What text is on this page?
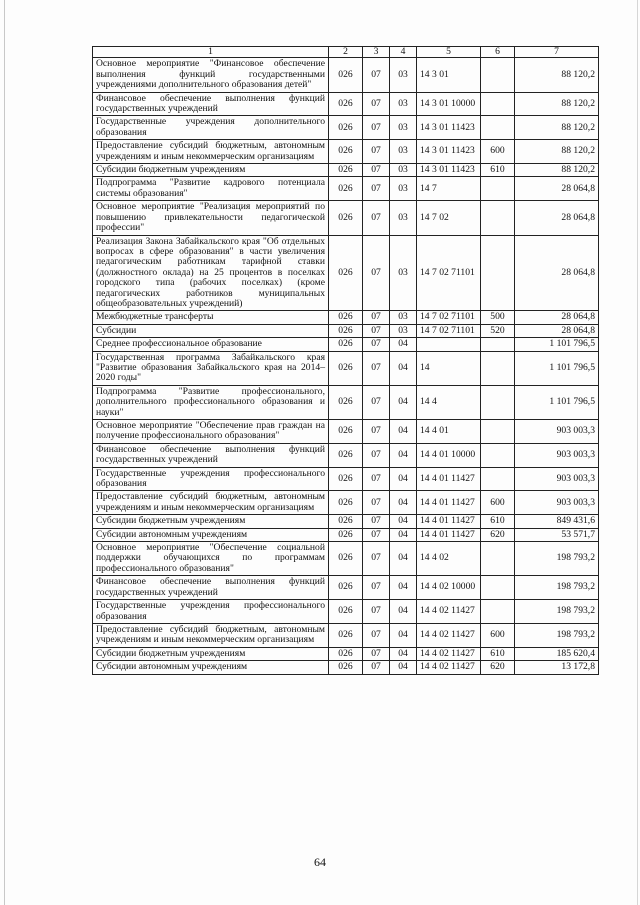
1	2	3	4	5	6	7
Основное мероприятие "Финансовое обеспечение выполнения функций государственными учреждениями дополнительного образования детей"	026	07	03	14 3 01		88 120,2
Финансовое обеспечение выполнения функций государственных учреждений	026	07	03	14 3 01 10000		88 120,2
Государственные учреждения дополнительного образования	026	07	03	14 3 01 11423		88 120,2
Предоставление субсидий бюджетным, автономным учреждениям и иным некоммерческим организациям	026	07	03	14 3 01 11423	600	88 120,2
Субсидии бюджетным учреждениям	026	07	03	14 3 01 11423	610	88 120,2
Подпрограмма "Развитие кадрового потенциала системы образования"	026	07	03	14 7		28 064,8
Основное мероприятие "Реализация мероприятий по повышению привлекательности педагогической профессии"	026	07	03	14 7 02		28 064,8
Реализация Закона Забайкальского края "Об отдельных вопросах в сфере образования" в части увеличения педагогическим работникам тарифной ставки (должностного оклада) на 25 процентов в поселках городского типа (рабочих поселках) (кроме педагогических работников муниципальных общеобразовательных учреждений)	026	07	03	14 7 02 71101		28 064,8
Межбюджетные трансферты	026	07	03	14 7 02 71101	500	28 064,8
Субсидии	026	07	03	14 7 02 71101	520	28 064,8
Среднее профессиональное образование	026	07	04			1 101 796,5
Государственная программа Забайкальского края "Развитие образования Забайкальского края на 2014–2020 годы"	026	07	04	14		1 101 796,5
Подпрограмма "Развитие профессионального, дополнительного профессионального образования и науки"	026	07	04	14 4		1 101 796,5
Основное мероприятие "Обеспечение прав граждан на получение профессионального образования"	026	07	04	14 4 01		903 003,3
Финансовое обеспечение выполнения функций государственных учреждений	026	07	04	14 4 01 10000		903 003,3
Государственные учреждения профессионального образования	026	07	04	14 4 01 11427		903 003,3
Предоставление субсидий бюджетным, автономным учреждениям и иным некоммерческим организациям	026	07	04	14 4 01 11427	600	903 003,3
Субсидии бюджетным учреждениям	026	07	04	14 4 01 11427	610	849 431,6
Субсидии автономным учреждениям	026	07	04	14 4 01 11427	620	53 571,7
Основное мероприятие "Обеспечение социальной поддержки обучающихся по программам профессионального образования"	026	07	04	14 4 02		198 793,2
Финансовое обеспечение выполнения функций государственных учреждений	026	07	04	14 4 02 10000		198 793,2
Государственные учреждения профессионального образования	026	07	04	14 4 02 11427		198 793,2
Предоставление субсидий бюджетным, автономным учреждениям и иным некоммерческим организациям	026	07	04	14 4 02 11427	600	198 793,2
Субсидии бюджетным учреждениям	026	07	04	14 4 02 11427	610	185 620,4
Субсидии автономным учреждениям	026	07	04	14 4 02 11427	620	13 172,8
64
